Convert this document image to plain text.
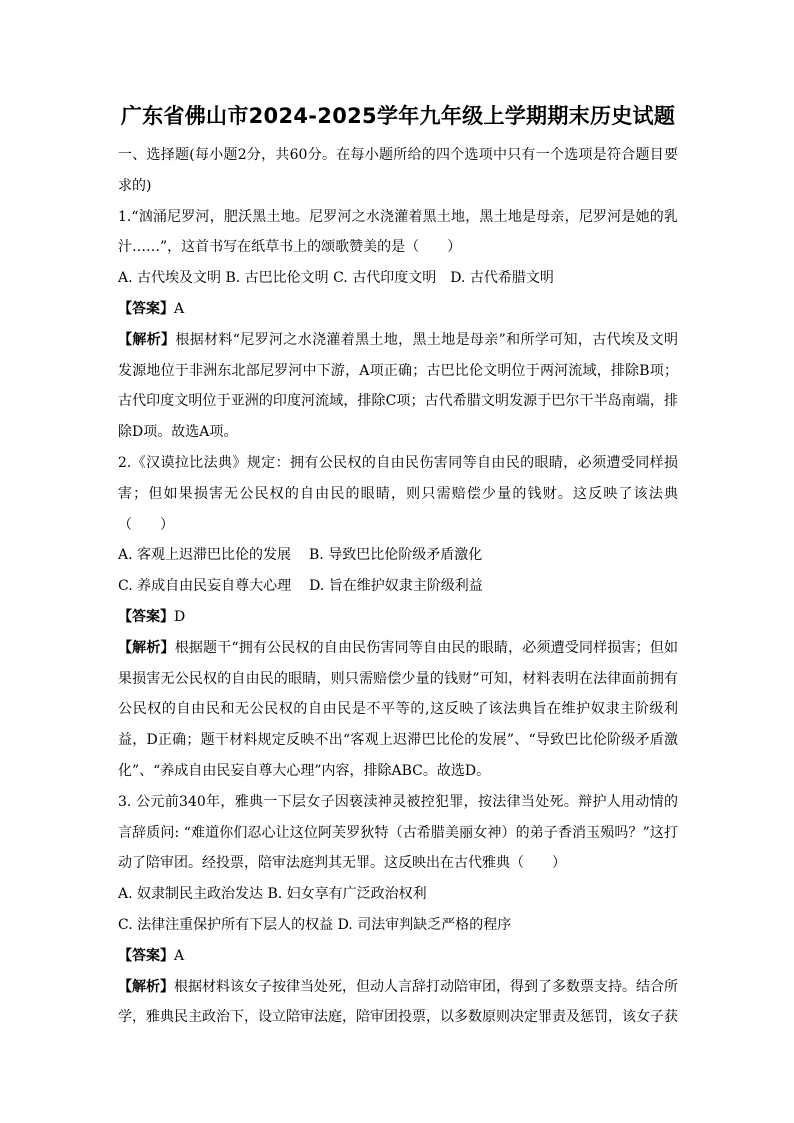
广东省佛山市2024-2025学年九年级上学期期末历史试题

一、选择题(每小题2分，共60分。在每小题所给的四个选项中只有一个选项是符合题目要求的)

1.“汹涌尼罗河，肥沃黑土地。尼罗河之水浇灌着黑土地，黑土地是母亲，尼罗河是她的乳汁……”，这首书写在纸草书上的颂歌赞美的是（　　）

A. 古代埃及文明 B. 古巴比伦文明 C. 古代印度文明　D. 古代希腊文明

【答案】A

【解析】根据材料“尼罗河之水浇灌着黑土地，黑土地是母亲”和所学可知，古代埃及文明发源地位于非洲东北部尼罗河中下游，A项正确；古巴比伦文明位于两河流域，排除B项；古代印度文明位于亚洲的印度河流域，排除C项；古代希腊文明发源于巴尔干半岛南端，排除D项。故选A项。

2.《汉谟拉比法典》规定：拥有公民权的自由民伤害同等自由民的眼睛，必须遭受同样损害；但如果损害无公民权的自由民的眼睛，则只需赔偿少量的钱财。这反映了该法典（　　）

A. 客观上迟滞巴比伦的发展 B. 导致巴比伦阶级矛盾激化

C. 养成自由民妄自尊大心理 D. 旨在维护奴隶主阶级利益

【答案】D

【解析】根据题干“拥有公民权的自由民伤害同等自由民的眼睛，必须遭受同样损害；但如果损害无公民权的自由民的眼睛，则只需赔偿少量的钱财”可知，材料表明在法律面前拥有公民权的自由民和无公民权的自由民是不平等的,这反映了该法典旨在维护奴隶主阶级利益，D正确；题干材料规定反映不出“客观上迟滞巴比伦的发展”、“导致巴比伦阶级矛盾激化”、“养成自由民妄自尊大心理”内容，排除ABC。故选D。

3. 公元前340年，雅典一下层女子因亵渎神灵被控犯罪，按法律当处死。辩护人用动情的言辞质问: “难道你们忍心让这位阿芙罗狄特（古希腊美丽女神）的弟子香消玉殒吗？”这打动了陪审团。经投票，陪审法庭判其无罪。这反映出在古代雅典（　　）

A. 奴隶制民主政治发达 B. 妇女享有广泛政治权利

C. 法律注重保护所有下层人的权益 D. 司法审判缺乏严格的程序

【答案】A

【解析】根据材料该女子按律当处死，但动人言辞打动陪审团，得到了多数票支持。结合所学，雅典民主政治下，设立陪审法庭，陪审团投票，以多数原则决定罪责及惩罚，该女子获
